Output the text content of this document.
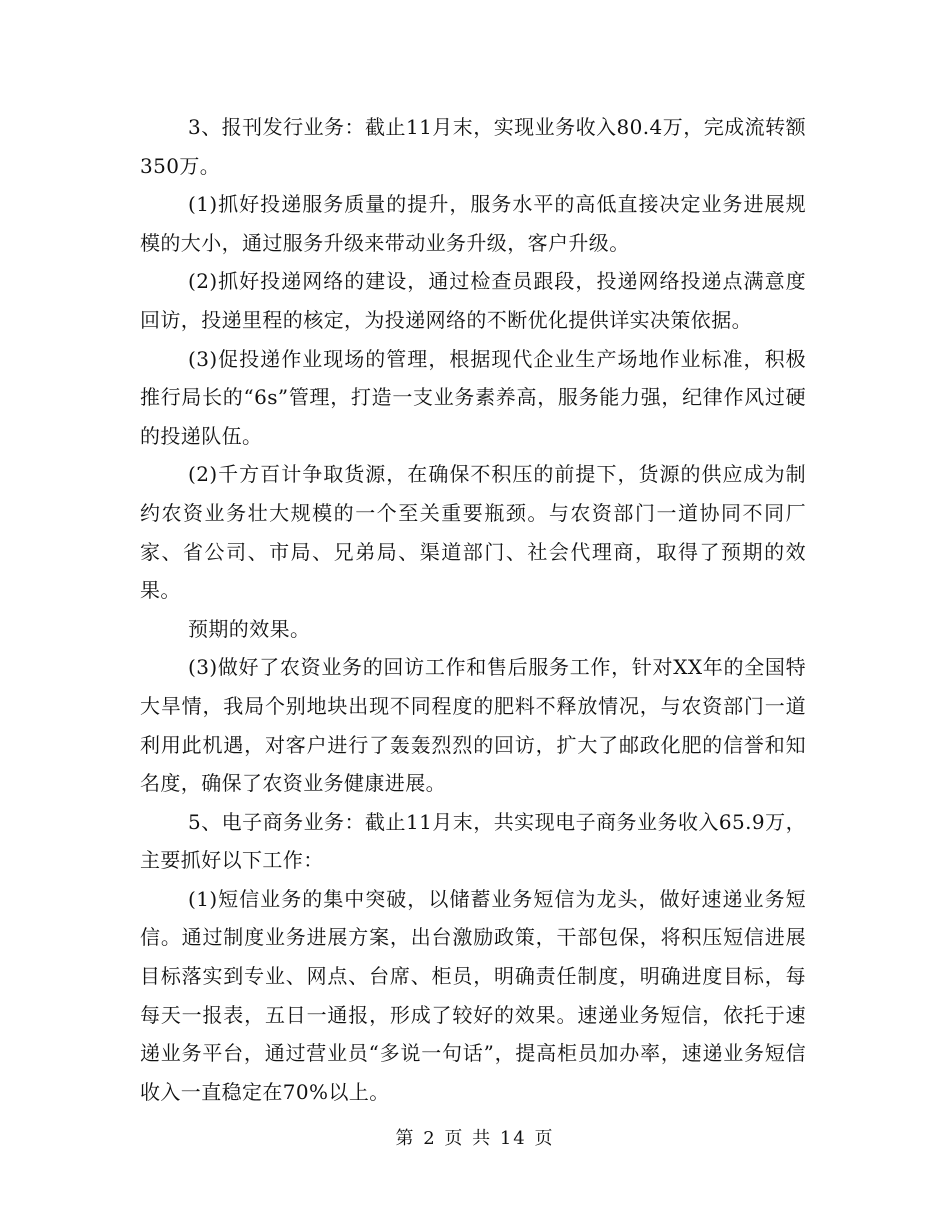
3、报刊发行业务：截止11月末，实现业务收入80.4万，完成流转额350万。

(1)抓好投递服务质量的提升，服务水平的高低直接决定业务进展规模的大小，通过服务升级来带动业务升级，客户升级。

(2)抓好投递网络的建设，通过检查员跟段，投递网络投递点满意度回访，投递里程的核定，为投递网络的不断优化提供详实决策依据。

(3)促投递作业现场的管理，根据现代企业生产场地作业标准，积极推行局长的“6s”管理，打造一支业务素养高，服务能力强，纪律作风过硬的投递队伍。

(2)千方百计争取货源，在确保不积压的前提下，货源的供应成为制约农资业务壮大规模的一个至关重要瓶颈。与农资部门一道协同不同厂家、省公司、市局、兄弟局、渠道部门、社会代理商，取得了预期的效果。

预期的效果。

(3)做好了农资业务的回访工作和售后服务工作，针对XX年的全国特大旱情，我局个别地块出现不同程度的肥料不释放情况，与农资部门一道利用此机遇，对客户进行了轰轰烈烈的回访，扩大了邮政化肥的信誉和知名度，确保了农资业务健康进展。

5、电子商务业务：截止11月末，共实现电子商务业务收入65.9万，主要抓好以下工作：

(1)短信业务的集中突破，以储蓄业务短信为龙头，做好速递业务短信。通过制度业务进展方案，出台激励政策，干部包保，将积压短信进展目标落实到专业、网点、台席、柜员，明确责任制度，明确进度目标，每每天一报表，五日一通报，形成了较好的效果。速递业务短信，依托于速递业务平台，通过营业员“多说一句话”，提高柜员加办率，速递业务短信收入一直稳定在70%以上。

第 2 页 共 14 页
